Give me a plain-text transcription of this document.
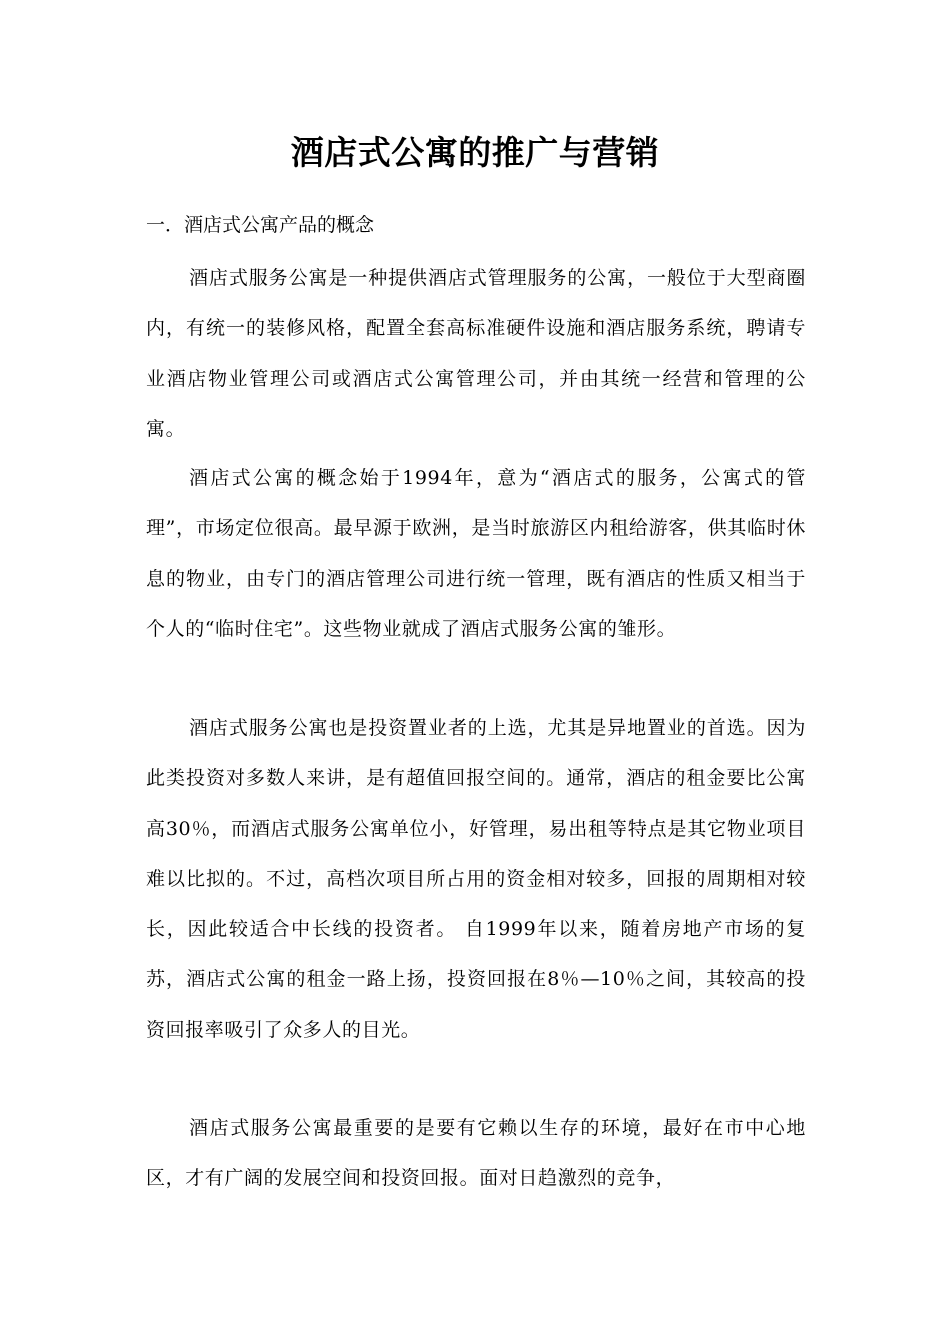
酒店式公寓的推广与营销

一．酒店式公寓产品的概念

酒店式服务公寓是一种提供酒店式管理服务的公寓，一般位于大型商圈内，有统一的装修风格，配置全套高标准硬件设施和酒店服务系统，聘请专业酒店物业管理公司或酒店式公寓管理公司，并由其统一经营和管理的公寓。

酒店式公寓的概念始于1994年，意为“酒店式的服务，公寓式的管理”，市场定位很高。最早源于欧洲，是当时旅游区内租给游客，供其临时休息的物业，由专门的酒店管理公司进行统一管理，既有酒店的性质又相当于个人的“临时住宅”。这些物业就成了酒店式服务公寓的雏形。

酒店式服务公寓也是投资置业者的上选，尤其是异地置业的首选。因为此类投资对多数人来讲，是有超值回报空间的。通常，酒店的租金要比公寓高30％，而酒店式服务公寓单位小，好管理，易出租等特点是其它物业项目难以比拟的。不过，高档次项目所占用的资金相对较多，回报的周期相对较长，因此较适合中长线的投资者。 自1999年以来，随着房地产市场的复苏，酒店式公寓的租金一路上扬，投资回报在8％—10％之间，其较高的投资回报率吸引了众多人的目光。

酒店式服务公寓最重要的是要有它赖以生存的环境，最好在市中心地区，才有广阔的发展空间和投资回报。面对日趋激烈的竞争，
